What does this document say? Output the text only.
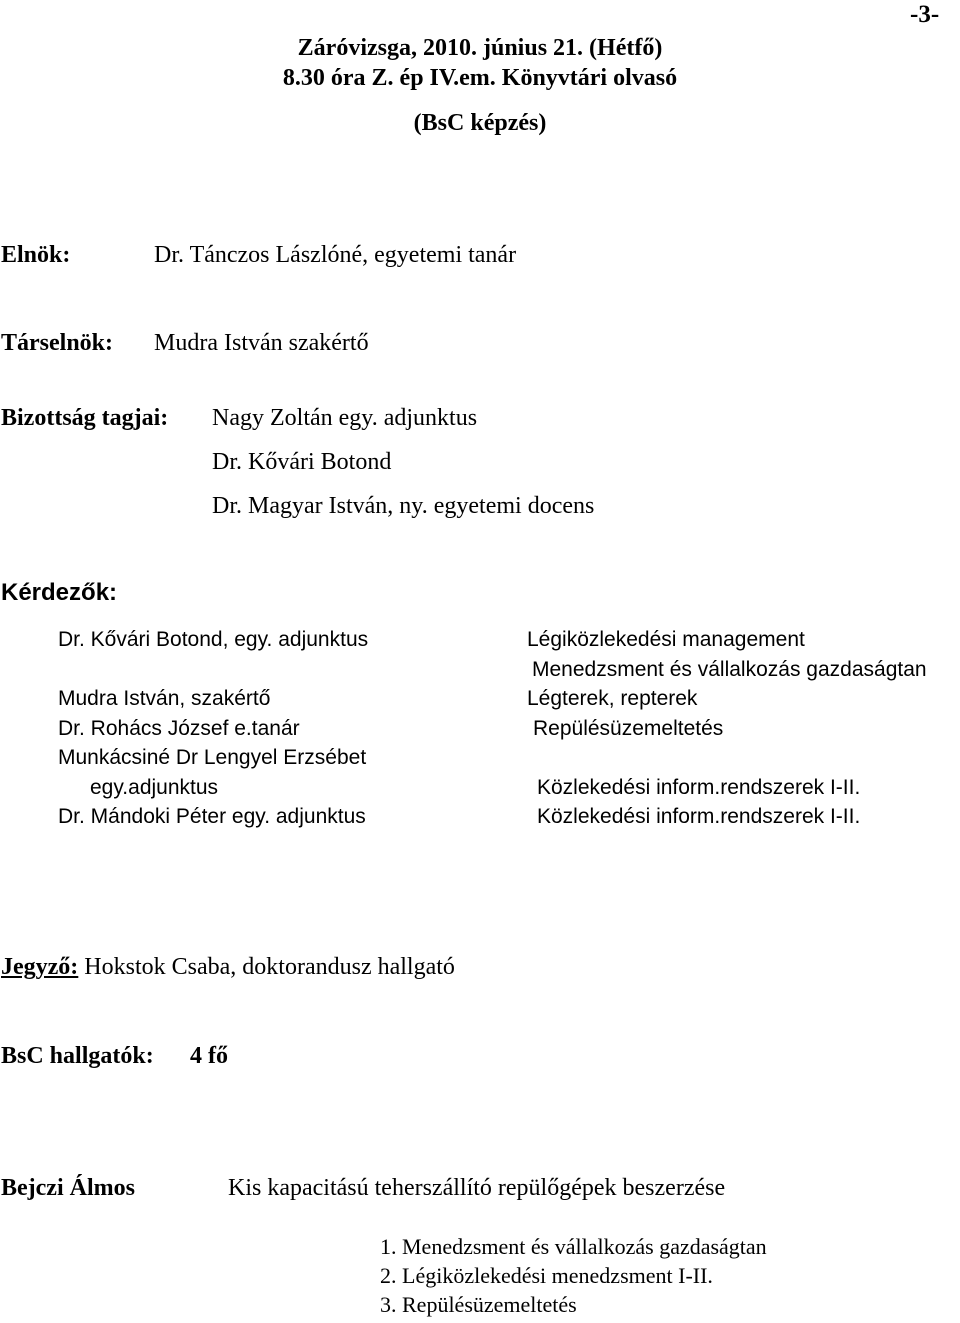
-3-
Záróvizsga, 2010. június 21. (Hétfő)
8.30 óra Z. ép IV.em. Könyvtári olvasó
(BsC képzés)
Elnök:	Dr. Tánczos Lászlóné, egyetemi tanár
Társelnök: Mudra István szakértő
Bizottság tagjai: Nagy Zoltán egy. adjunktus
Dr. Kővári Botond
Dr. Magyar István, ny. egyetemi docens
Kérdezők:
Dr. Kővári Botond, egy. adjunktus
Mudra István, szakértő
Dr. Rohács József e.tanár
Munkácsiné Dr Lengyel Erzsébet
egy.adjunktus
Dr. Mándoki Péter egy. adjunktus
Légiközlekedési management
Menedzsment és vállalkozás gazdaságtan
Légterek, repterek
Repülésüzemeltetés
Közlekedési inform.rendszerek I-II.
Közlekedési inform.rendszerek I-II.
Jegyző: Hokstok Csaba, doktorandusz hallgató
BsC hallgatók: 4 fő
Bejczi Álmos	Kis kapacitású teherszállító repülőgépek beszerzése
1. Menedzsment és vállalkozás gazdaságtan
2. Légiközlekedési menedzsment I-II.
3. Repülésüzemeltetés
